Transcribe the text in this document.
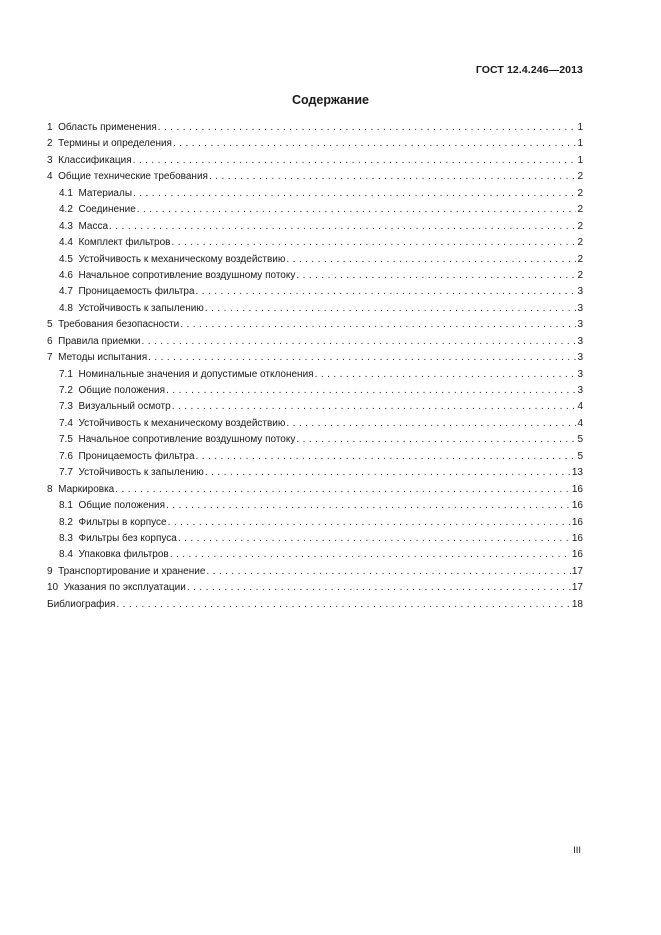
ГОСТ 12.4.246—2013
Содержание
1 Область применения . . .	1
2 Термины и определения . . .	1
3 Классификация . . .	1
4 Общие технические требования . . .	2
4.1 Материалы . . .	2
4.2 Соединение . . .	2
4.3 Масса . . .	2
4.4 Комплект фильтров . . .	2
4.5 Устойчивость к механическому воздействию . . .	2
4.6 Начальное сопротивление воздушному потоку . . .	2
4.7 Проницаемость фильтра . . .	3
4.8 Устойчивость к запылению . . .	3
5 Требования безопасности . . .	3
6 Правила приемки . . .	3
7 Методы испытания . . .	3
7.1 Номинальные значения и допустимые отклонения . . .	3
7.2 Общие положения . . .	3
7.3 Визуальный осмотр . . .	4
7.4 Устойчивость к механическому воздействию . . .	4
7.5 Начальное сопротивление воздушному потоку . . .	5
7.6 Проницаемость фильтра . . .	5
7.7 Устойчивость к запылению . . .	13
8 Маркировка . . .	16
8.1 Общие положения . . .	16
8.2 Фильтры в корпусе . . .	16
8.3 Фильтры без корпуса . . .	16
8.4 Упаковка фильтров . . .	16
9 Транспортирование и хранение . . .	17
10 Указания по эксплуатации . . .	17
Библиография . . .	18
III
